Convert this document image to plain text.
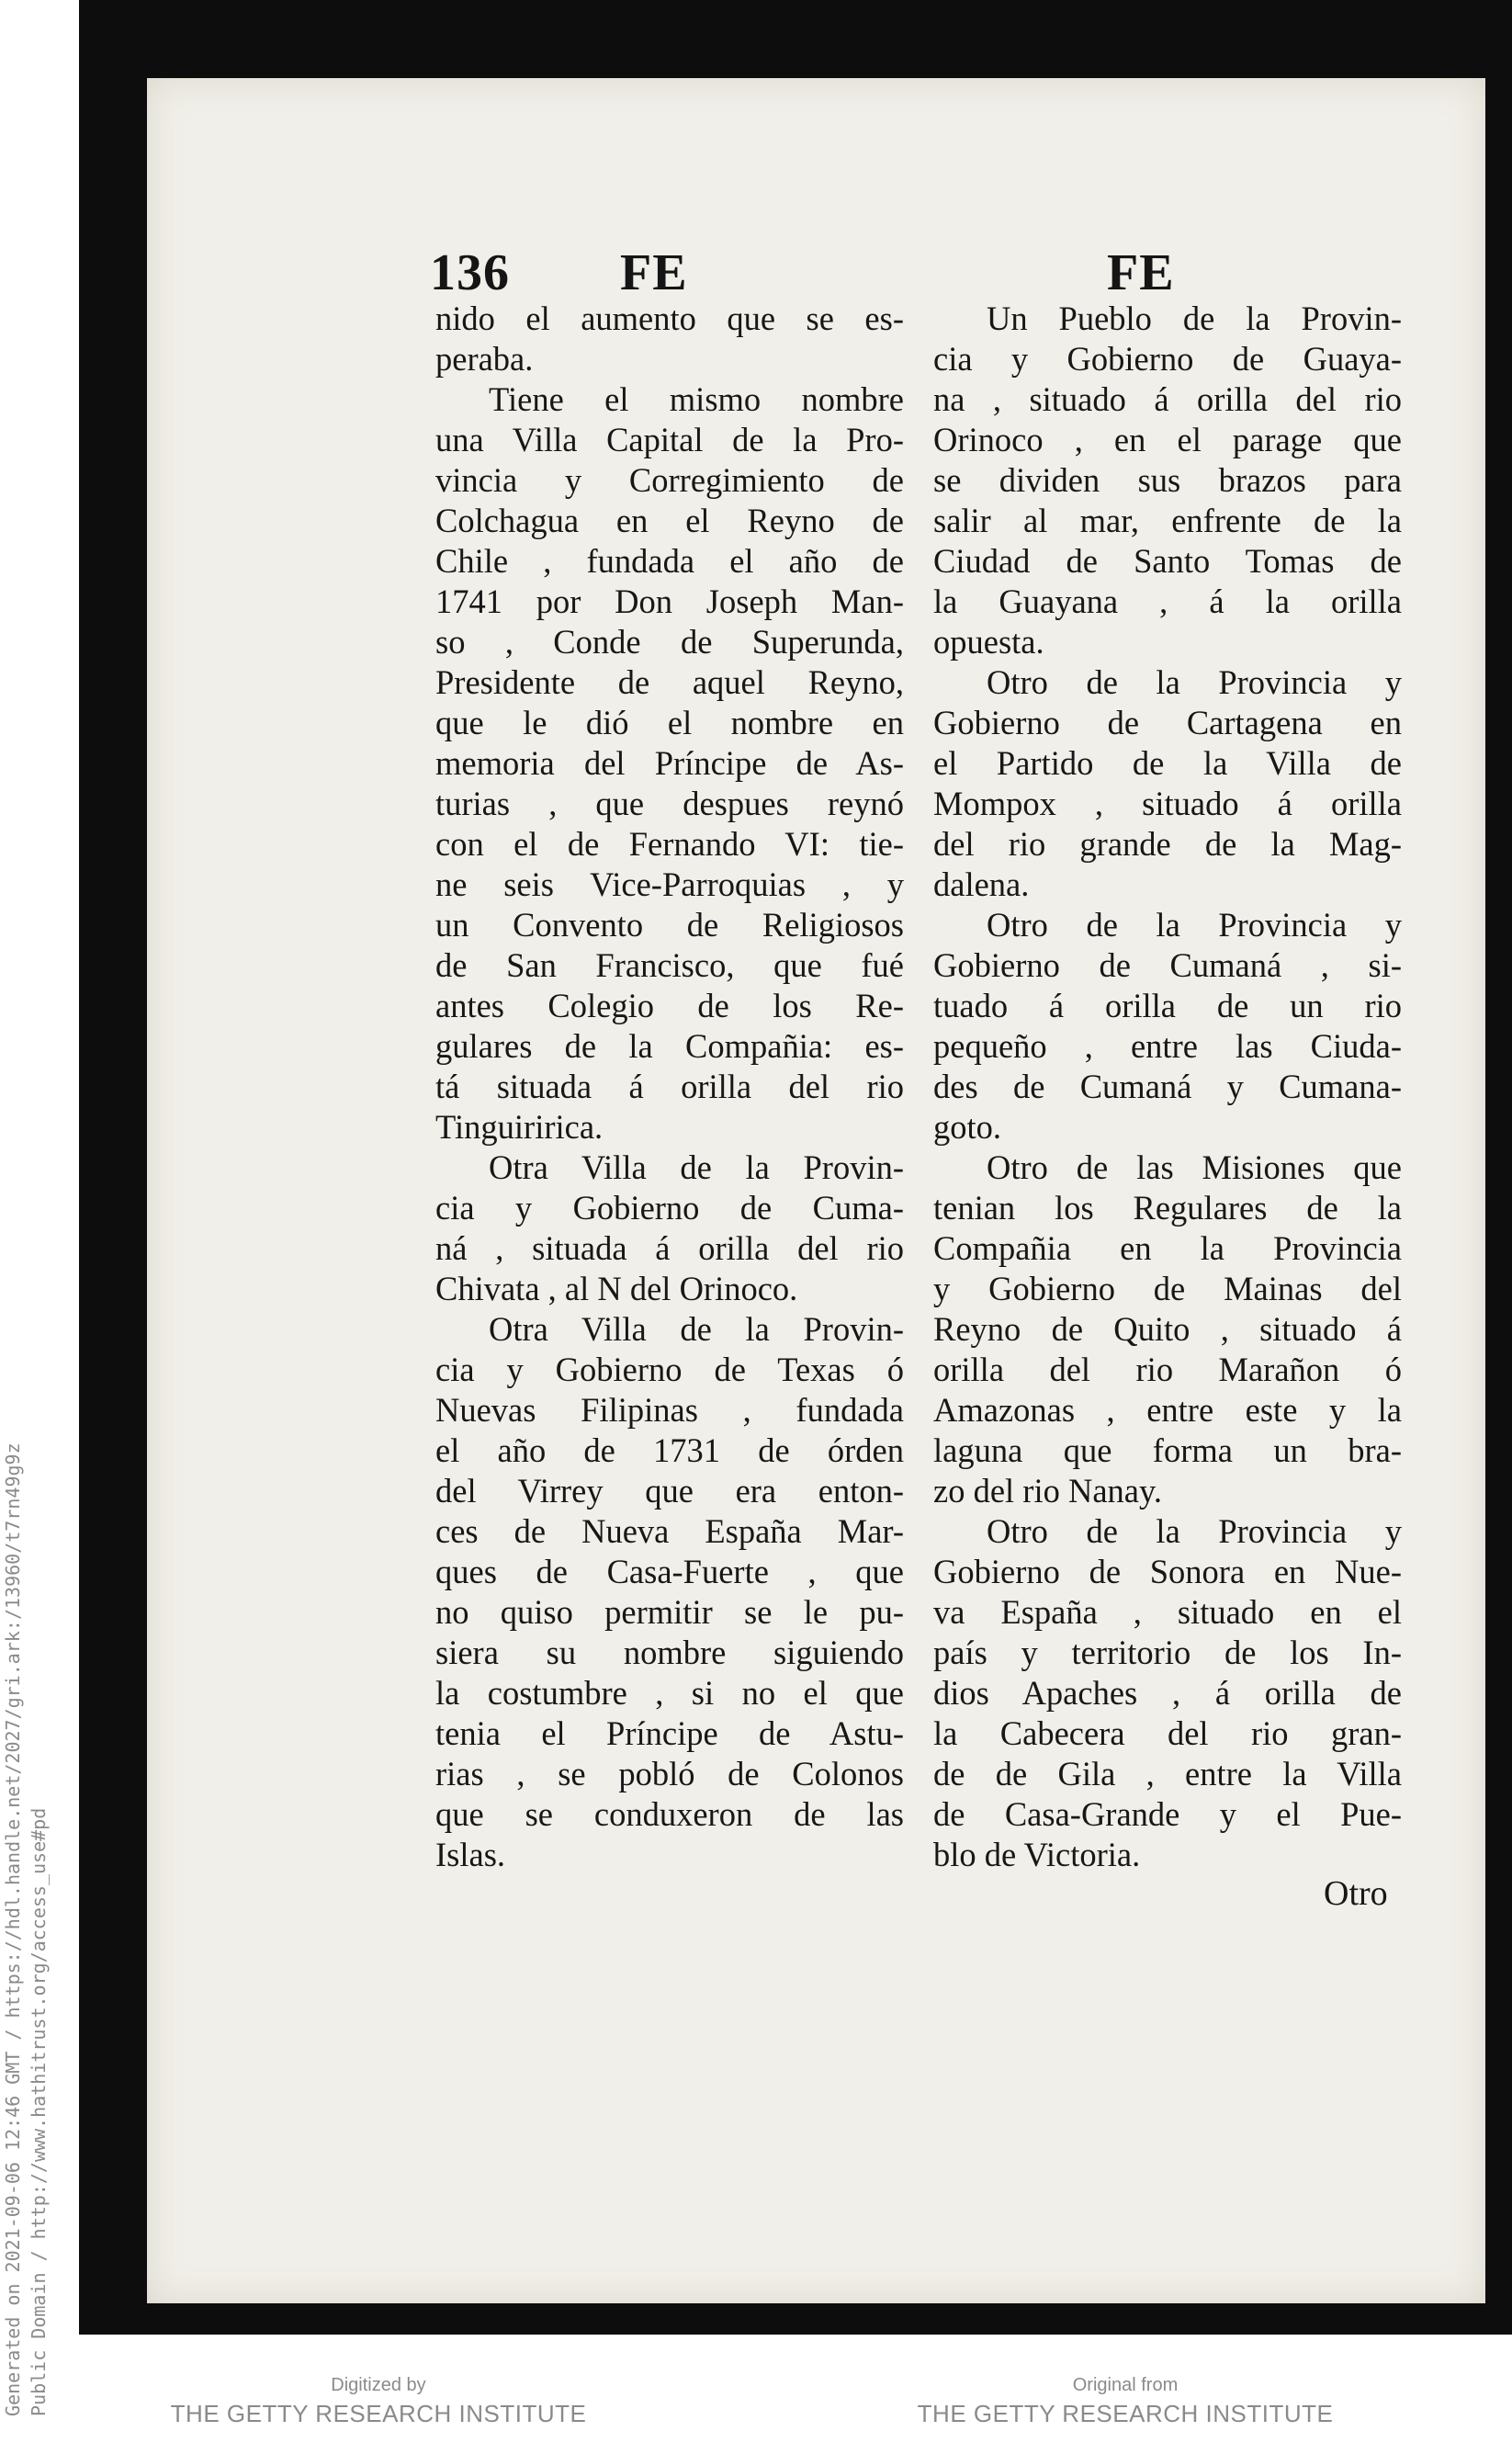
Generated on 2021-09-06 12:46 GMT / https://hdl.handle.net/2027/gri.ark:/13960/t7rn49g9z Public Domain / http://www.hathitrust.org/access_use#pd
136 FE	FE
nido el aumento que se es-
peraba.
Tiene el mismo nombre
una Villa Capital de la Pro-
vincia y Corregimiento de
Colchagua en el Reyno de
Chile , fundada el año de
1741 por Don Joseph Man-
so , Conde de Superunda,
Presidente de aquel Reyno,
que le dió el nombre en
memoria del Príncipe de As-
turias , que despues reynó
con el de Fernando VI: tie-
ne seis Vice-Parroquias , y
un Convento de Religiosos
de San Francisco, que fué
antes Colegio de los Re-
gulares de la Compañia: es-
tá situada á orilla del rio
Tinguiririca.
Otra Villa de la Provin-
cia y Gobierno de Cuma-
ná , situada á orilla del rio
Chivata , al N del Orinoco.
Otra Villa de la Provin-
cia y Gobierno de Texas ó
Nuevas Filipinas , fundada
el año de 1731 de órden
del Virrey que era enton-
ces de Nueva España Mar-
ques de Casa-Fuerte , que
no quiso permitir se le pu-
siera su nombre siguiendo
la costumbre , si no el que
tenia el Príncipe de Astu-
rias , se pobló de Colonos
que se conduxeron de las
Islas.
Un Pueblo de la Provin-
cia y Gobierno de Guaya-
na , situado á orilla del rio
Orinoco , en el parage que
se dividen sus brazos para
salir al mar, enfrente de la
Ciudad de Santo Tomas de
la Guayana , á la orilla
opuesta.
Otro de la Provincia y
Gobierno de Cartagena en
el Partido de la Villa de
Mompox , situado á orilla
del rio grande de la Mag-
dalena.
Otro de la Provincia y
Gobierno de Cumaná , si-
tuado á orilla de un rio
pequeño , entre las Ciuda-
des de Cumaná y Cumana-
goto.
Otro de las Misiones que
tenian los Regulares de la
Compañia en la Provincia
y Gobierno de Mainas del
Reyno de Quito , situado á
orilla del rio Marañon ó
Amazonas , entre este y la
laguna que forma un bra-
zo del rio Nanay.
Otro de la Provincia y
Gobierno de Sonora en Nue-
va España , situado en el
país y territorio de los In-
dios Apaches , á orilla de
la Cabecera del rio gran-
de de Gila , entre la Villa
de Casa-Grande y el Pue-
blo de Victoria.
Otro
Digitized by
THE GETTY RESEARCH INSTITUTE
Original from
THE GETTY RESEARCH INSTITUTE
